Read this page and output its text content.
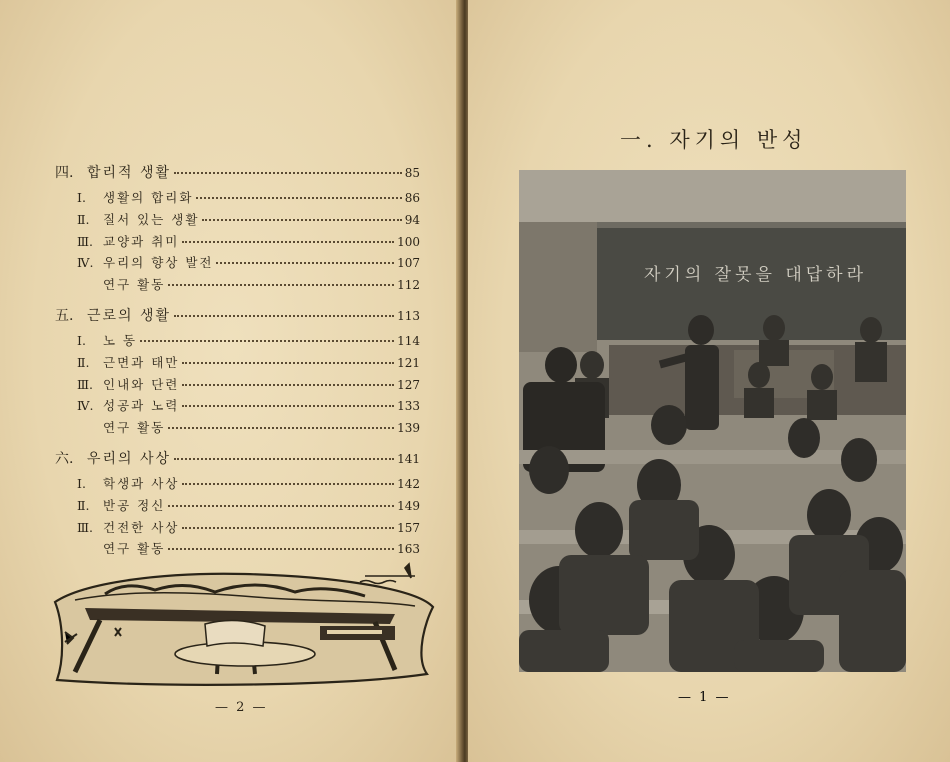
四. 합리적 생활	85
Ⅰ.	생활의 합리화	86
Ⅱ.	질서 있는 생활	94
Ⅲ. 교양과 취미	100
Ⅳ. 우리의 향상 발전	107
연구 활동	112
五. 근로의 생활	113
Ⅰ.	노 동	114
Ⅱ.	근면과 태만	121
Ⅲ. 인내와 단련	127
Ⅳ. 성공과 노력	133
연구 활동	139
六. 우리의 사상	141
Ⅰ.	학생과 사상	142
Ⅱ.	반공 정신	149
Ⅲ. 건전한 사상	157
연구 활동	163
— 2 —
一. 자기의 반성
자기의 잘못을 대답하라
— 1 —
